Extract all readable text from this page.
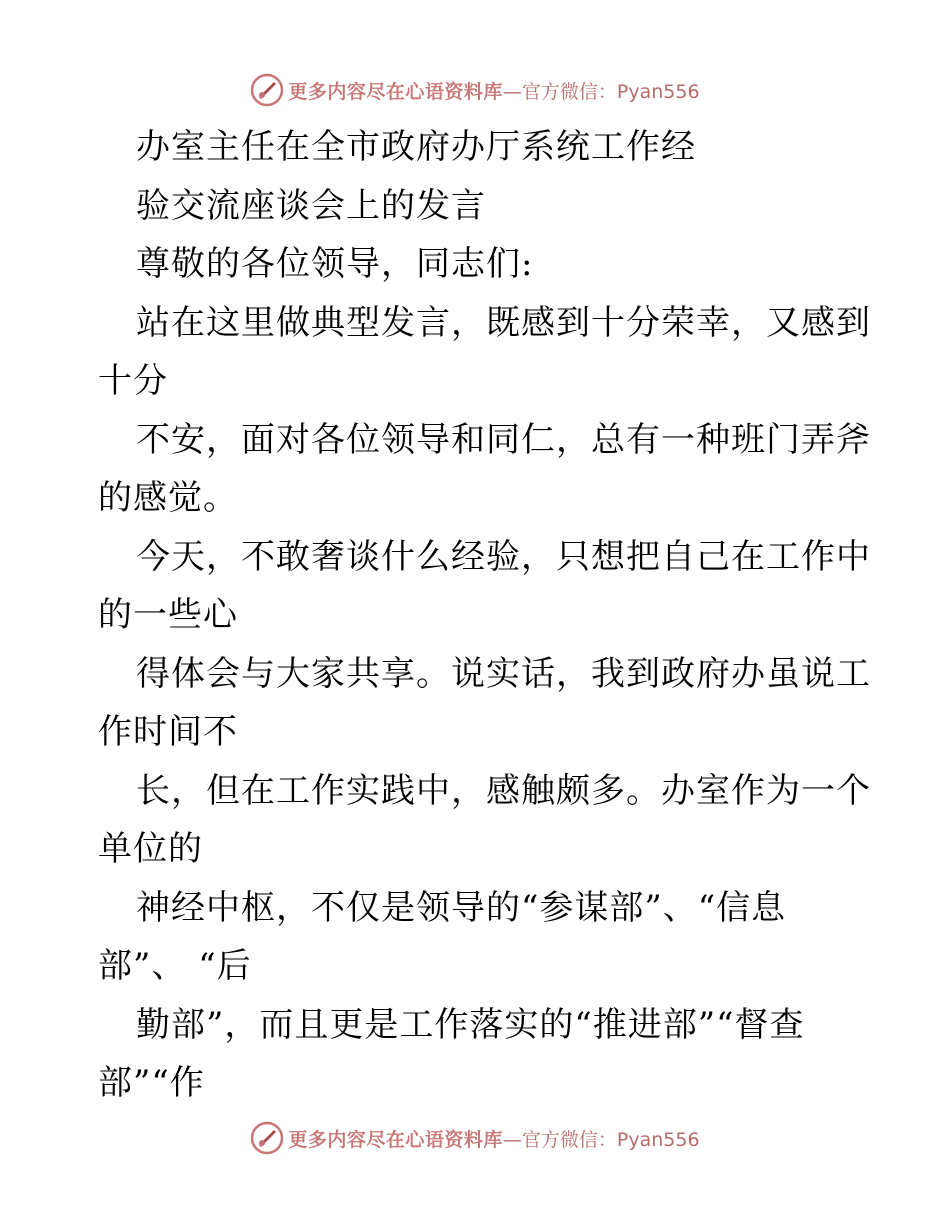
更多内容尽在心语资料库 —官方微信：Pyan556
办室主任在全市政府办厅系统工作经
验交流座谈会上的发言
尊敬的各位领导，同志们:
站在这里做典型发言，既感到十分荣幸，又感到
十分
不安，面对各位领导和同仁，总有一种班门弄斧
的感觉。
今天，不敢奢谈什么经验，只想把自己在工作中
的一些心
得体会与大家共享。说实话，我到政府办虽说工
作时间不
长，但在工作实践中，感触颇多。办室作为一个
单位的
神经中枢，不仅是领导的“参谋部”、“信息
部”、 “后
勤部”，而且更是工作落实的“推进部”“督查
部”“作
更多内容尽在心语资料库 —官方微信：Pyan556
